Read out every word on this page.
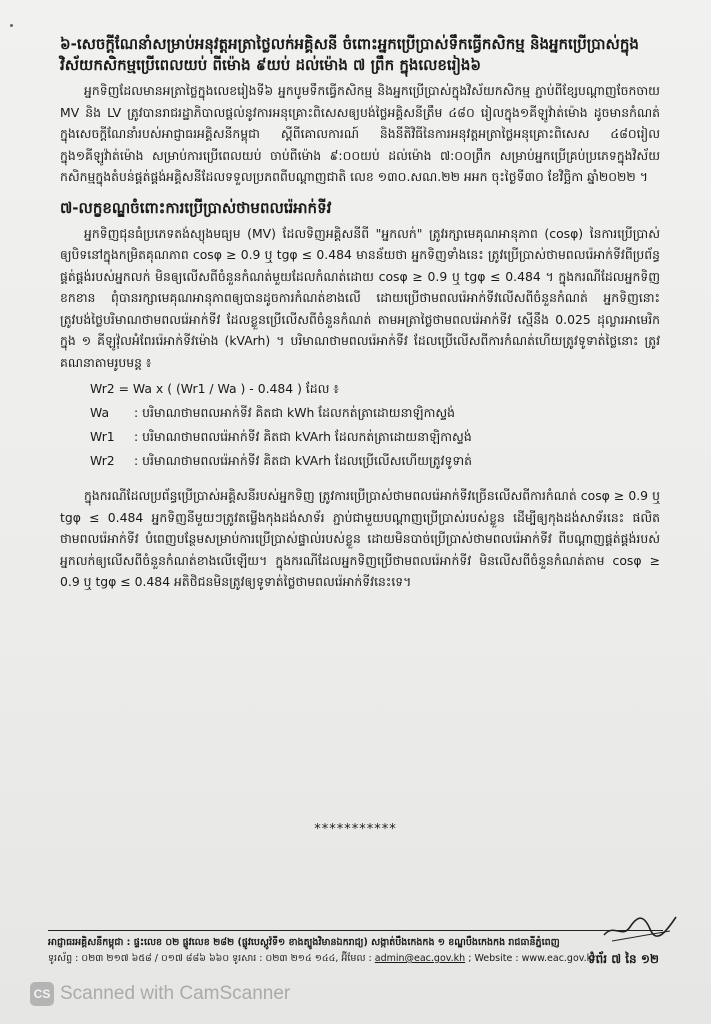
៦-សេចក្តីណែនាំសម្រាប់អនុវត្តអត្រាថ្លៃលក់អគ្គិសនី ចំពោះអ្នកប្រើប្រាស់ទឹកធ្វើកសិកម្ម និងអ្នកប្រើប្រាស់ក្នុងវិស័យកសិកម្មប្រើពេលយប់ ពីម៉ោង ៩យប់ ដល់ម៉ោង ៧ ព្រឹក ក្នុងលេខរៀង៦

អ្នកទិញដែលមានអត្រាថ្លៃក្នុងលេខរៀងទី៦ អ្នកបូមទឹកធ្វើកសិកម្ម និងអ្នកប្រើប្រាស់ក្នុងវិស័យកសិកម្ម ភ្ជាប់ពីខ្សែបណ្តាញចែកចាយ MV និង LV ត្រូវបានរាជរដ្ឋាភិបាលផ្តល់នូវការអនុគ្រោះពិសេសឲ្យបង់ថ្លៃអគ្គិសនីត្រឹម ៤៨០ រៀលក្នុង១គីឡូវ៉ាត់ម៉ោង ដូចមានកំណត់ក្នុងសេចក្តីណែនាំរបស់អាជ្ញាធរអគ្គិសនីកម្ពុជា ស្តីពីគោលការណ៍ និងនីតិវិធីនៃការអនុវត្តអត្រាថ្លៃអនុគ្រោះពិសេស ៤៨០រៀល ក្នុង១គីឡូវ៉ាត់ម៉ោង សម្រាប់ការប្រើពេលយប់ ចាប់ពីម៉ោង ៩:០០យប់ ដល់ម៉ោង ៧:០០ព្រឹក សម្រាប់អ្នកប្រើគ្រប់ប្រភេទក្នុងវិស័យកសិកម្មក្នុងតំបន់ផ្គត់ផ្គង់អគ្គិសនីដែលទទួលប្រភពពីបណ្តាញជាតិ លេខ ១៣០.សណ.២២ អអក ចុះថ្ងៃទី៣០ ខែវិច្ឆិកា ឆ្នាំ២០២២ ។

៧-លក្ខខណ្ឌចំពោះការប្រើប្រាស់ថាមពលរ៉េអាក់ទីវ

អ្នកទិញជុនធំប្រភេទតង់ស្យុងមធ្យម (MV) ដែលទិញអគ្គិសនីពី "អ្នកលក់" ត្រូវរក្សាមេគុណអានុភាព (cosφ) នៃការប្រើប្រាស់ឲ្យបិទនៅក្នុងកម្រិតគុណភាព cosφ ≥ 0.9 ឬ tgφ ≤ 0.484 មានន័យថា អ្នកទិញទាំងនេះ ត្រូវប្រើប្រាស់ថាមពលរ៉េអាក់ទីវពីប្រព័ន្ធផ្គត់ផ្គង់របស់អ្នកលក់ មិនឲ្យលើសពីចំនួនកំណត់មួយដែលកំណត់ដោយ cosφ ≥ 0.9 ឬ tgφ ≤ 0.484 ។ ក្នុងករណីដែលអ្នកទិញខកខាន ពុំបានរក្សាមេគុណអានុភាពឲ្យបានដូចការកំណត់ខាងលើ ដោយប្រើថាមពលរ៉េអាក់ទីវលើសពីចំនួនកំណត់ អ្នកទិញនោះ ត្រូវបង់ថ្លៃបរិមាណថាមពលរ៉េអាក់ទីវ ដែលខ្លួនប្រើលើសពីចំនួនកំណត់ តាមអត្រាថ្លៃថាមពលរ៉េអាក់ទីវ ស្មើនឹង 0.025 ដុល្លារអាមេរិក ក្នុង ១ គីឡូវ៉ុលអំពែររ៉េអាក់ទីវម៉ោង (kVArh) ។ បរិមាណថាមពលរ៉េអាក់ទីវ ដែលប្រើលើសពីការកំណត់ហើយត្រូវទូទាត់ថ្លៃនោះ ត្រូវគណនាតាមរូបមន្ត ៖

Wr2 = Wa x ( (Wr1 / Wa ) - 0.484 ) ដែល ៖
Wa	: បរិមាណថាមពលអាក់ទីវ គិតជា kWh ដែលកត់ត្រាដោយនាឡិកាស្ទង់
Wr1	: បរិមាណថាមពលរ៉េអាក់ទីវ គិតជា kVArh ដែលកត់ត្រាដោយនាឡិកាស្ទង់
Wr2	: បរិមាណថាមពលរ៉េអាក់ទីវ គិតជា kVArh ដែលប្រើលើសហើយត្រូវទូទាត់

ក្នុងករណីដែលប្រព័ន្ធប្រើប្រាស់អគ្គិសនីរបស់អ្នកទិញ ត្រូវការប្រើប្រាស់ថាមពលរ៉េអាក់ទីវច្រើនលើសពីការកំណត់ cosφ ≥ 0.9 ឬ tgφ ≤ 0.484 អ្នកទិញនីមួយៗត្រូវតម្លើងកុងដង់សាទ័រ ភ្ជាប់ជាមួយបណ្តាញប្រើប្រាស់របស់ខ្លួន ដើម្បីឲ្យកុងដង់សាទ័រនេះ ផលិតថាមពលរ៉េអាក់ទីវ បំពេញបន្ថែមសម្រាប់ការប្រើប្រាស់ផ្ទាល់របស់ខ្លួន ដោយមិនបាច់ប្រើប្រាស់ថាមពលរ៉េអាក់ទីវ ពីបណ្តាញផ្គត់ផ្គង់របស់អ្នកលក់ឲ្យលើសពីចំនួនកំណត់ខាងលើឡើយ។ ក្នុងករណីដែលអ្នកទិញប្រើថាមពលរ៉េអាក់ទីវ មិនលើសពីចំនួនកំណត់តាម cosφ ≥ 0.9 ឬ tgφ ≤ 0.484 អតិថិជនមិនត្រូវឲ្យទូទាត់ថ្លៃថាមពលរ៉េអាក់ទីវនេះទេ។

***********
ទំព័រ ៧ នៃ ១២
អាជ្ញាធរអគ្គិសនីកម្ពុជា : ផ្ទះលេខ ០២ ផ្លូវលេខ ២៨២ (ផ្លូវបេស្តូវ៉ទី១ ខាងត្បូងវិមានឯករាជ្យ) សង្កាត់បឹងកេងកង ១ ខណ្ឌបឹងកេងកង រាជធានីភ្នំពេញ
ទូរស័ព្ទ : ០២៣ ២១៧ ៦៥៨ / ០១៧ ៨៨៦ ៦៦០ ទូរសារ : ០២៣ ២១៤ ១៤៤, អ៊ីមែល : admin@eac.gov.kh ; Website : www.eac.gov.kh
CS Scanned with CamScanner
